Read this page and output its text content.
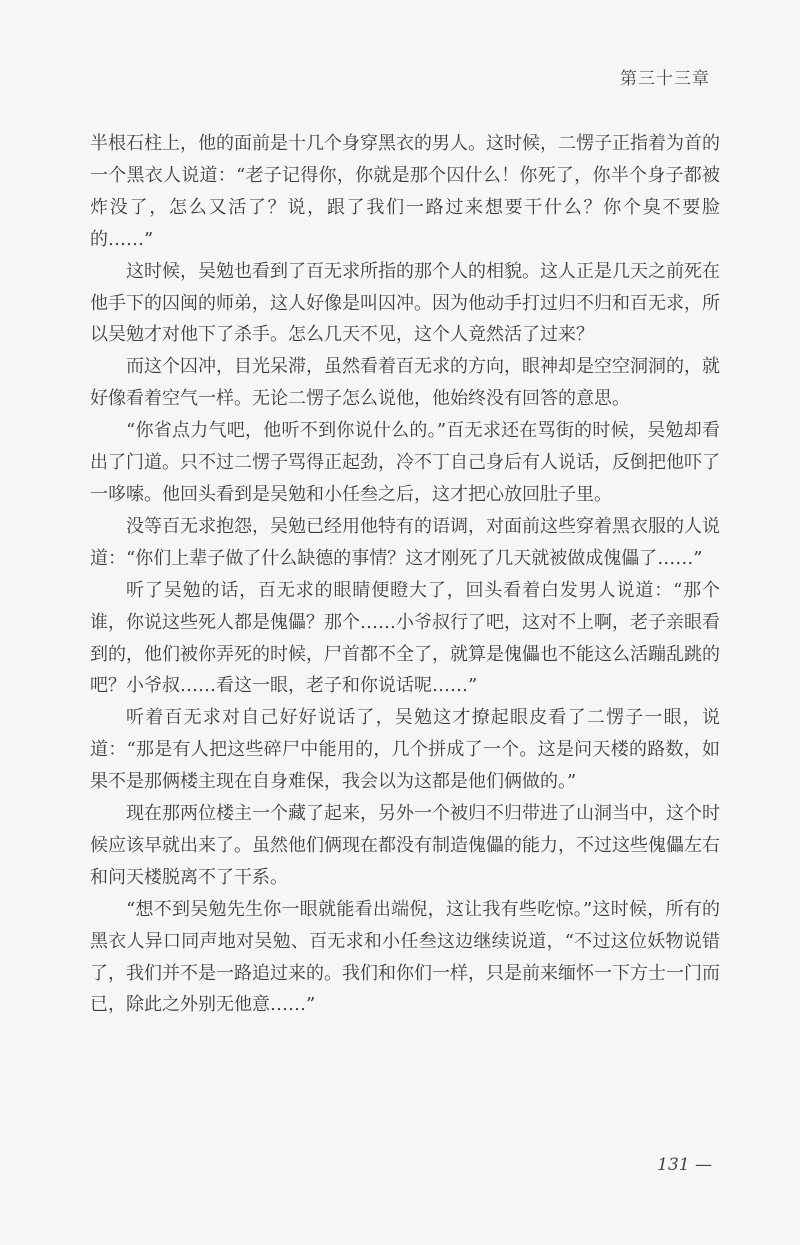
第三十三章

半根石柱上，他的面前是十几个身穿黑衣的男人。这时候，二愣子正指着为首的一个黑衣人说道：“老子记得你，你就是那个囚什么！你死了，你半个身子都被炸没了，怎么又活了？说，跟了我们一路过来想要干什么？你个臭不要脸的……”

这时候，吴勉也看到了百无求所指的那个人的相貌。这人正是几天之前死在他手下的囚闽的师弟，这人好像是叫囚冲。因为他动手打过归不归和百无求，所以吴勉才对他下了杀手。怎么几天不见，这个人竟然活了过来？

而这个囚冲，目光呆滞，虽然看着百无求的方向，眼神却是空空洞洞的，就好像看着空气一样。无论二愣子怎么说他，他始终没有回答的意思。

“你省点力气吧，他听不到你说什么的。”百无求还在骂街的时候，吴勉却看出了门道。只不过二愣子骂得正起劲，冷不丁自己身后有人说话，反倒把他吓了一哆嗦。他回头看到是吴勉和小任叁之后，这才把心放回肚子里。

没等百无求抱怨，吴勉已经用他特有的语调，对面前这些穿着黑衣服的人说道：“你们上辈子做了什么缺德的事情？这才刚死了几天就被做成傀儡了……”

听了吴勉的话，百无求的眼睛便瞪大了，回头看着白发男人说道：“那个谁，你说这些死人都是傀儡？那个……小爷叔行了吧，这对不上啊，老子亲眼看到的，他们被你弄死的时候，尸首都不全了，就算是傀儡也不能这么活蹦乱跳的吧？小爷叔……看这一眼，老子和你说话呢……”

听着百无求对自己好好说话了，吴勉这才撩起眼皮看了二愣子一眼，说道：“那是有人把这些碎尸中能用的，几个拼成了一个。这是问天楼的路数，如果不是那俩楼主现在自身难保，我会以为这都是他们俩做的。”

现在那两位楼主一个藏了起来，另外一个被归不归带进了山洞当中，这个时候应该早就出来了。虽然他们俩现在都没有制造傀儡的能力，不过这些傀儡左右和问天楼脱离不了干系。

“想不到吴勉先生你一眼就能看出端倪，这让我有些吃惊。”这时候，所有的黑衣人异口同声地对吴勉、百无求和小任叁这边继续说道，“不过这位妖物说错了，我们并不是一路追过来的。我们和你们一样，只是前来缅怀一下方士一门而已，除此之外别无他意……”

131 —
